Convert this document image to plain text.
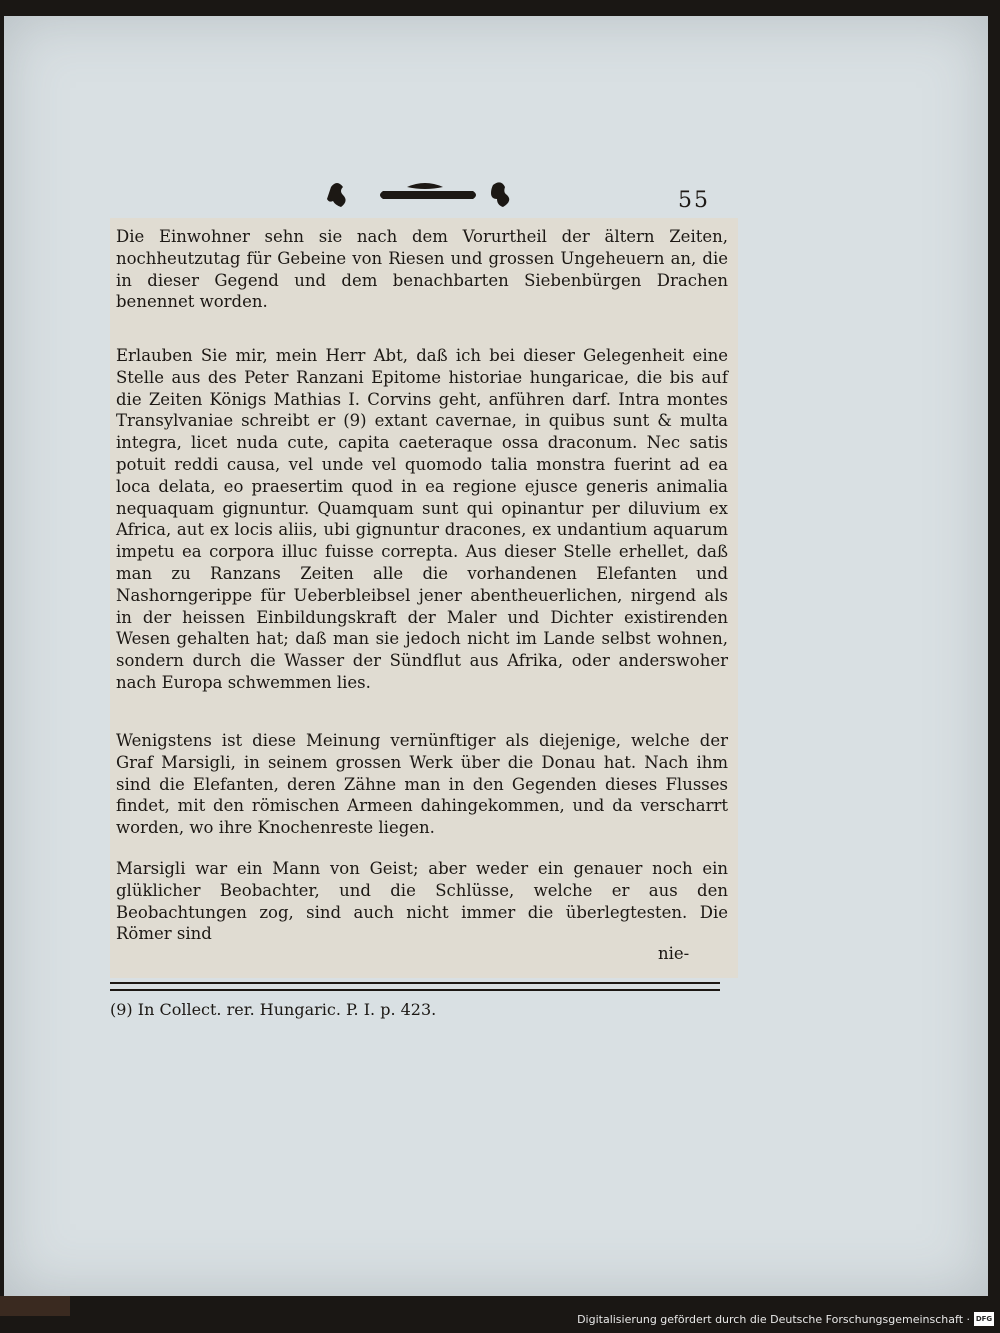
55

Die Einwohner sehn sie nach dem Vorurtheil der ältern Zeiten, nochheutzutag für Gebeine von Riesen und grossen Ungeheuern an, die in dieser Gegend und dem benachbarten Siebenbürgen Drachen benennet worden.

Erlauben Sie mir, mein Herr Abt, daß ich bei dieser Gelegenheit eine Stelle aus des Peter Ranzani Epitome historiae hungaricae, die bis auf die Zeiten Königs Mathias I. Corvins geht, anführen darf. Intra montes Transylvaniae schreibt er (9) extant cavernae, in quibus sunt & multa integra, licet nuda cute, capita caeteraque ossa draconum. Nec satis potuit reddi causa, vel unde vel quomodo talia monstra fuerint ad ea loca delata, eo praesertim quod in ea regione ejusce generis animalia nequaquam gignuntur. Quamquam sunt qui opinantur per diluvium ex Africa, aut ex locis aliis, ubi gignuntur dracones, ex undantium aquarum impetu ea corpora illuc fuisse correpta. Aus dieser Stelle erhellet, daß man zu Ranzans Zeiten alle die vorhandenen Elefanten und Nashorngerippe für Ueberbleibsel jener abentheuerlichen, nirgend als in der heissen Einbildungskraft der Maler und Dichter existirenden Wesen gehalten hat; daß man sie jedoch nicht im Lande selbst wohnen, sondern durch die Wasser der Sündflut aus Afrika, oder anderswoher nach Europa schwemmen lies.

Wenigstens ist diese Meinung vernünftiger als diejenige, welche der Graf Marsigli, in seinem grossen Werk über die Donau hat. Nach ihm sind die Elefanten, deren Zähne man in den Gegenden dieses Flusses findet, mit den römischen Armeen dahingekommen, und da verscharrt worden, wo ihre Knochenreste liegen.

Marsigli war ein Mann von Geist; aber weder ein genauer noch ein glüklicher Beobachter, und die Schlüsse, welche er aus den Beobachtungen zog, sind auch nicht immer die überlegtesten. Die Römer sind

nie-
(9) In Collect. rer. Hungaric. P. I. p. 423.
Digitalisierung gefördert durch die Deutsche Forschungsgemeinschaft · DFG
